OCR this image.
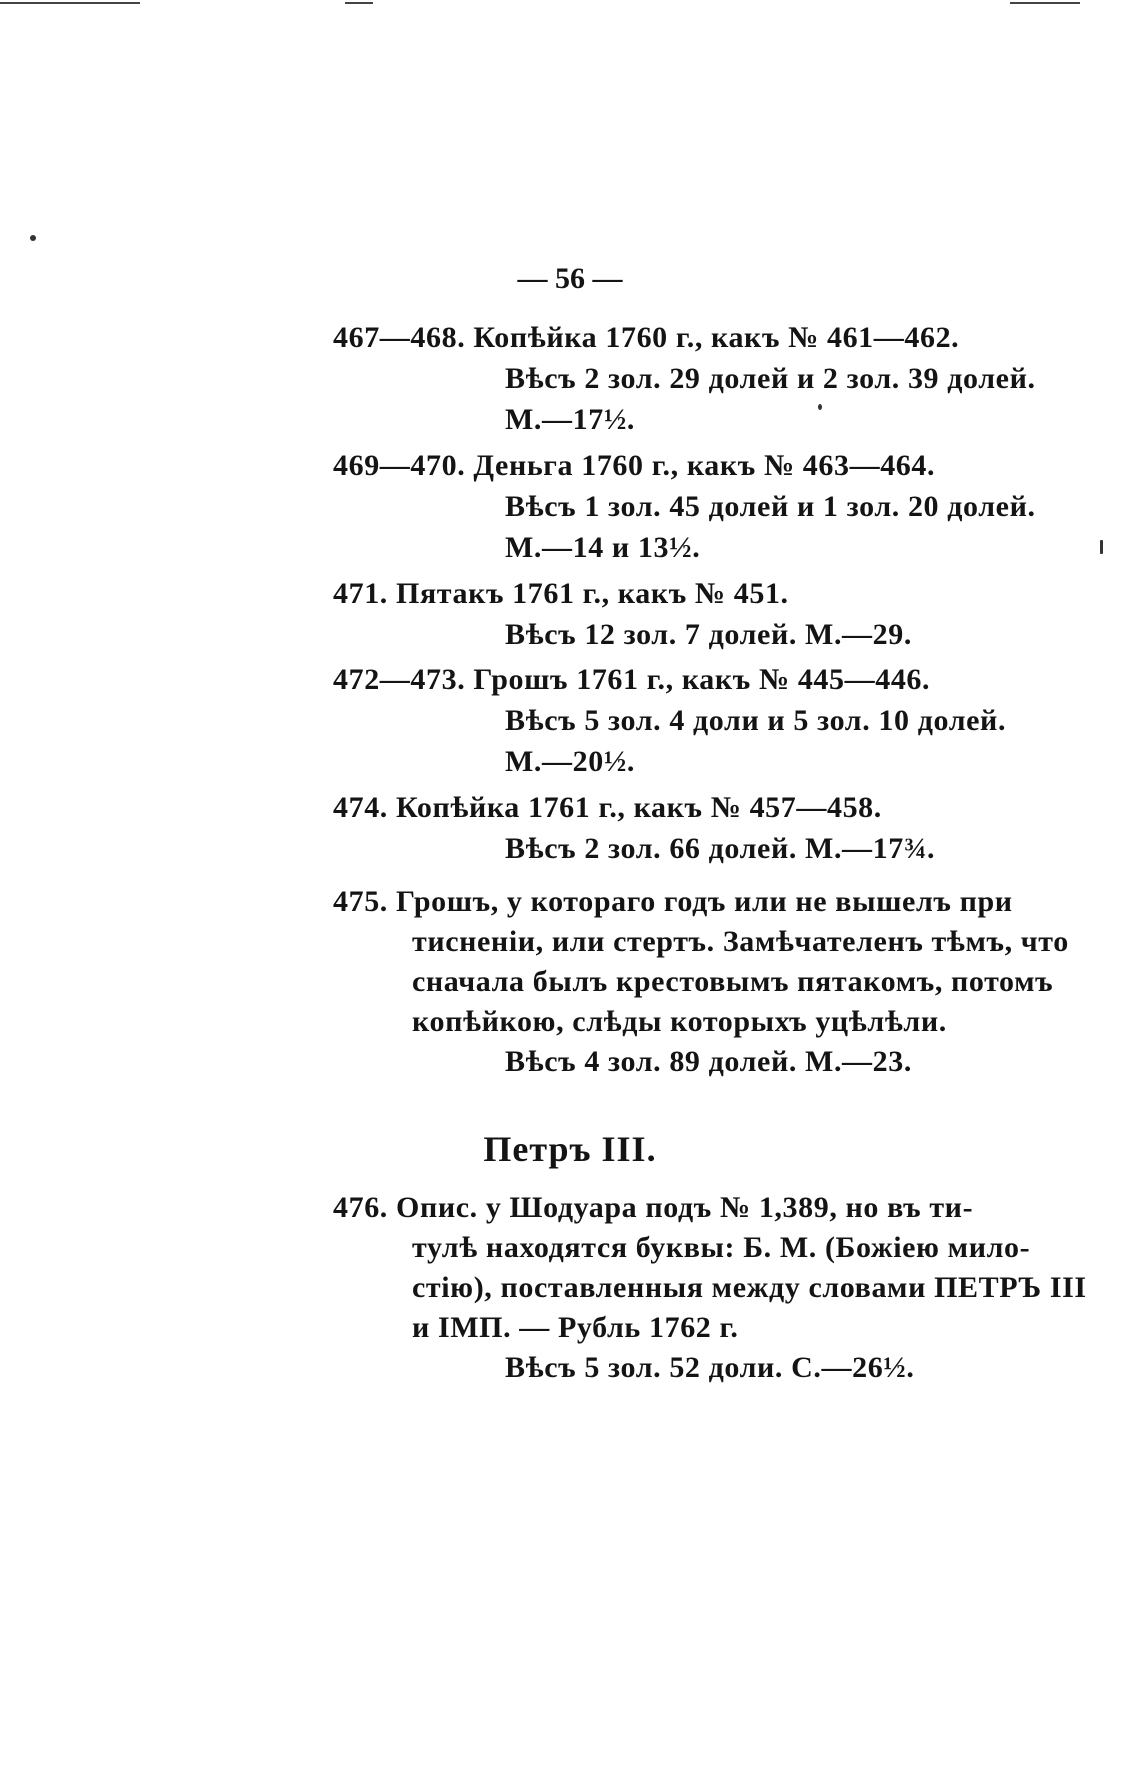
— 56 —
467—468. Копѣйка 1760 г., какъ № 461—462.
Вѣсъ 2 зол. 29 долей и 2 зол. 39 долей.
М.—17½.
469—470. Деньга 1760 г., какъ № 463—464.
Вѣсъ 1 зол. 45 долей и 1 зол. 20 долей.
М.—14 и 13½.
471. Пятакъ 1761 г., какъ № 451.
Вѣсъ 12 зол. 7 долей. М.—29.
472—473. Грошъ 1761 г., какъ № 445—446.
Вѣсъ 5 зол. 4 доли и 5 зол. 10 долей.
М.—20½.
474. Копѣйка 1761 г., какъ № 457—458.
Вѣсъ 2 зол. 66 долей. М.—17¾.
475. Грошъ, у котораго годъ или не вышелъ при
тисненіи, или стертъ. Замѣчателенъ тѣмъ, что
сначала былъ крестовымъ пятакомъ, потомъ
копѣйкою, слѣды которыхъ уцѣлѣли.
Вѣсъ 4 зол. 89 долей. М.—23.
Петръ III.
476. Опис. у Шодуара подъ № 1,389, но въ ти-
тулѣ находятся буквы: Б. М. (Божіею мило-
стію), поставленныя между словами ПЕТРЪ III
и IМП. — Рубль 1762 г.
Вѣсъ 5 зол. 52 доли. С.—26½.
